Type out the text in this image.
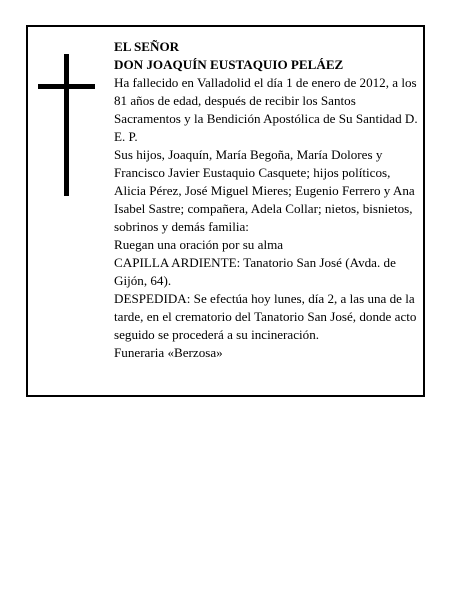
EL SEÑOR

DON JOAQUÍN EUSTAQUIO PELÁEZ

Ha fallecido en Valladolid el día 1 de enero de 2012, a los 81 años de edad, después de recibir los Santos Sacramentos y la Bendición Apostólica de Su Santidad D. E. P.

Sus hijos, Joaquín, María Begoña, María Dolores y Francisco Javier Eustaquio Casquete; hijos políticos, Alicia Pérez, José Miguel Mieres; Eugenio Ferrero y Ana Isabel Sastre; compañera, Adela Collar; nietos, bisnietos, sobrinos y demás familia:

Ruegan una oración por su alma

CAPILLA ARDIENTE: Tanatorio San José (Avda. de Gijón, 64).

DESPEDIDA: Se efectúa hoy lunes, día 2, a las una de la tarde, en el crematorio del Tanatorio San José, donde acto seguido se procederá a su incineración.

Funeraria «Berzosa»
